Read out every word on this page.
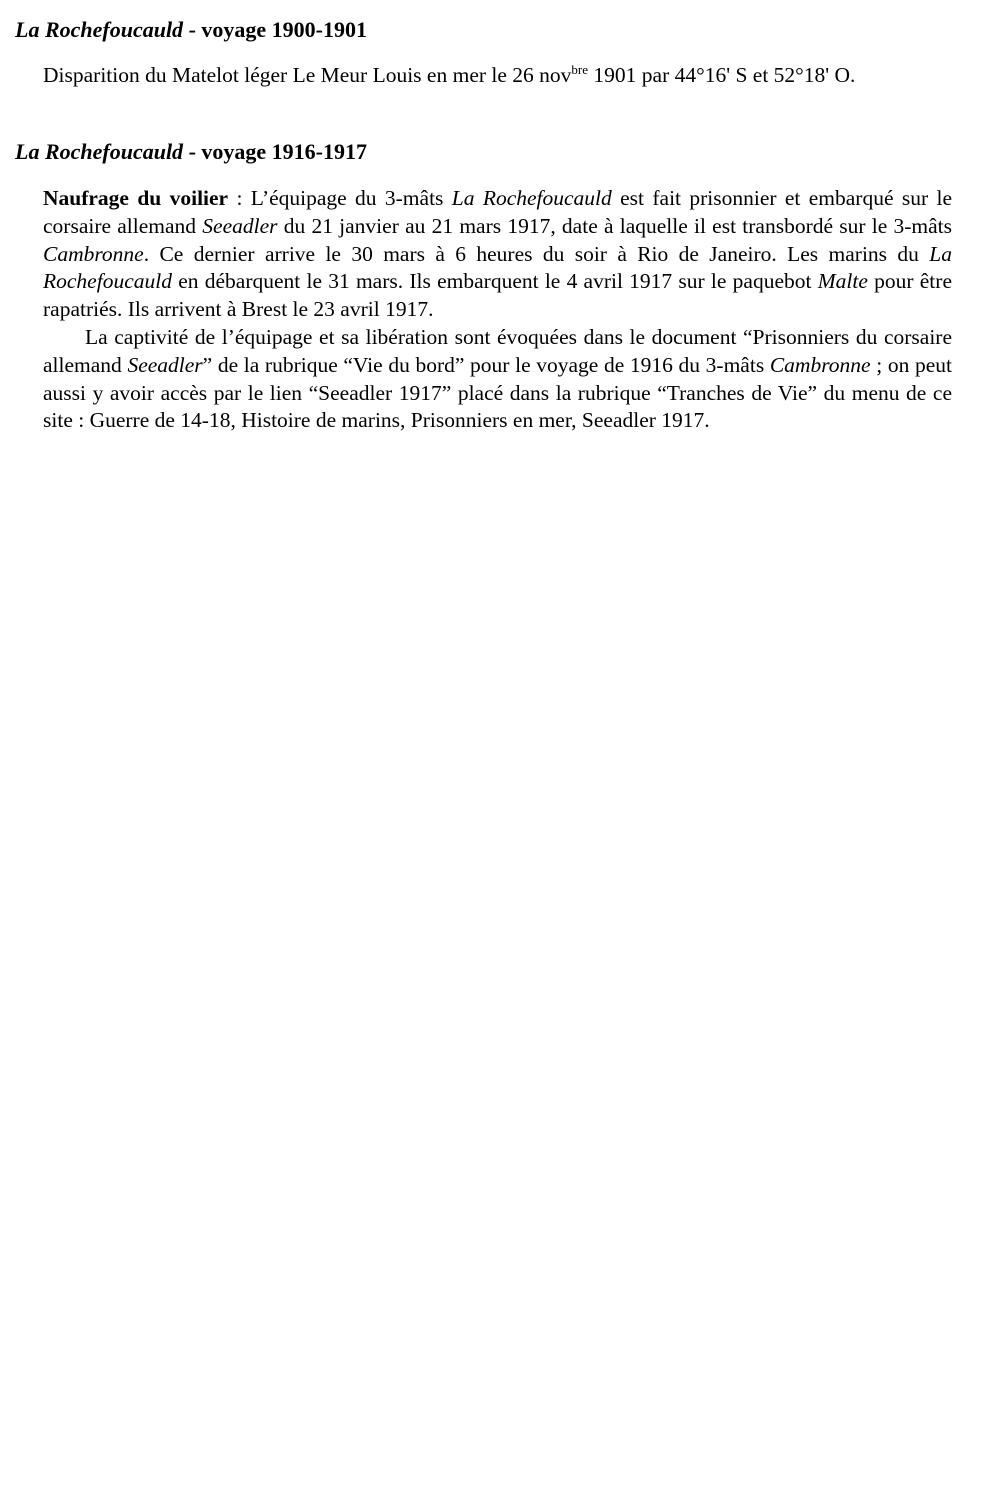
La Rochefoucauld - voyage 1900-1901
Disparition du Matelot léger Le Meur Louis en mer le 26 nov$^{bre}$ 1901 par 44°16' S et 52°18' O.
La Rochefoucauld - voyage 1916-1917

Naufrage du voilier : L’équipage du 3-mâts La Rochefoucauld est fait prisonnier et embarqué sur le corsaire allemand Seeadler du 21 janvier au 21 mars 1917, date à laquelle il est transbordé sur le 3-mâts Cambronne. Ce dernier arrive le 30 mars à 6 heures du soir à Rio de Janeiro. Les marins du La Rochefoucauld en débarquent le 31 mars. Ils embarquent le 4 avril 1917 sur le paquebot Malte pour être rapatriés. Ils arrivent à Brest le 23 avril 1917.

La captivité de l’équipage et sa libération sont évoquées dans le document “Prisonniers du corsaire allemand Seeadler” de la rubrique “Vie du bord” pour le voyage de 1916 du 3-mâts Cambronne ; on peut aussi y avoir accès par le lien “Seeadler 1917” placé dans la rubrique “Tranches de Vie” du menu de ce site : Guerre de 14-18, Histoire de marins, Prisonniers en mer, Seeadler 1917.
